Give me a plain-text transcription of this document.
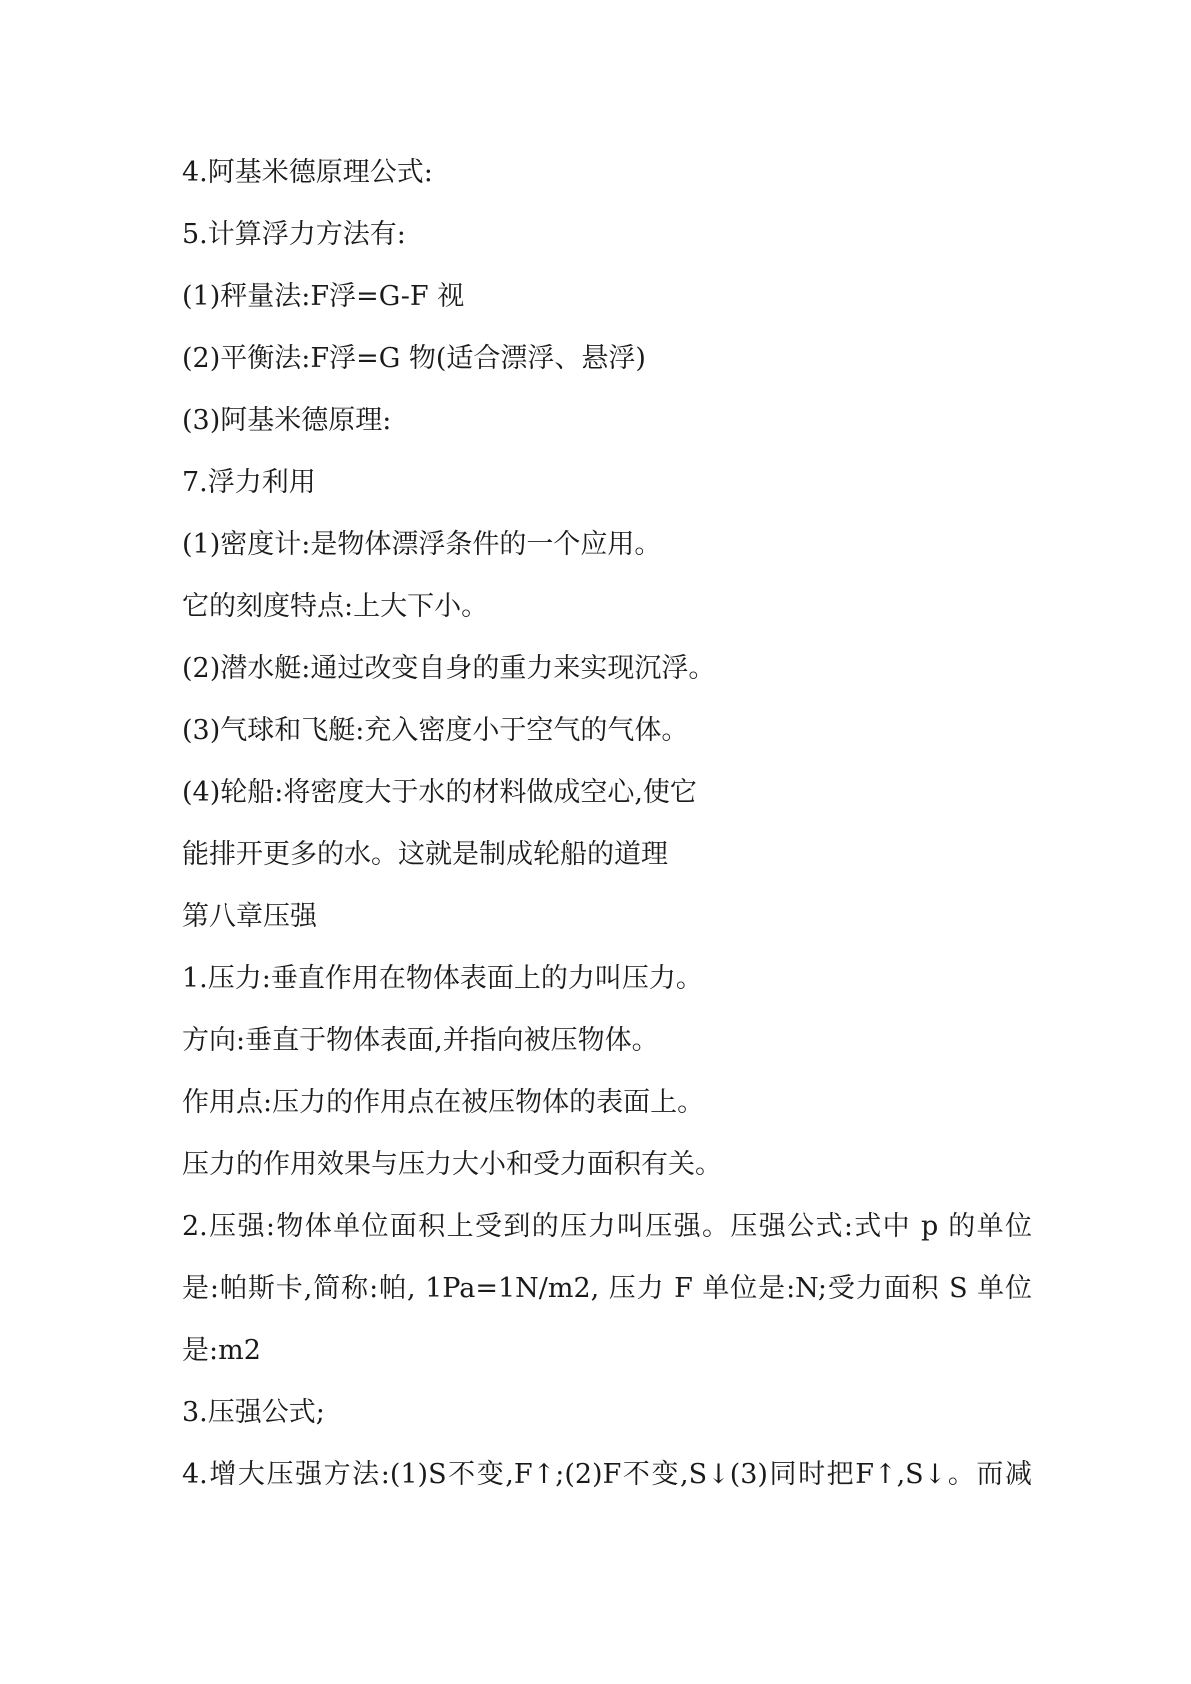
4.阿基米德原理公式:
5.计算浮力方法有:
(1)秤量法:F浮=G-F 视
(2)平衡法:F浮=G 物(适合漂浮、悬浮)
(3)阿基米德原理:
7.浮力利用
(1)密度计:是物体漂浮条件的一个应用。
它的刻度特点:上大下小。
(2)潜水艇:通过改变自身的重力来实现沉浮。
(3)气球和飞艇:充入密度小于空气的气体。
(4)轮船:将密度大于水的材料做成空心,使它
能排开更多的水。这就是制成轮船的道理
第八章压强
1.压力:垂直作用在物体表面上的力叫压力。
方向:垂直于物体表面,并指向被压物体。
作用点:压力的作用点在被压物体的表面上。
压力的作用效果与压力大小和受力面积有关。
2.压强:物体单位面积上受到的压力叫压强。压强公式:式中 p 的单位
是:帕斯卡,简称:帕, 1Pa=1N/m2, 压力 F 单位是:N;受力面积 S 单位
是:m2
3.压强公式;
4.增大压强方法:(1)S不变,F↑;(2)F不变,S↓(3)同时把F↑,S↓。而减
